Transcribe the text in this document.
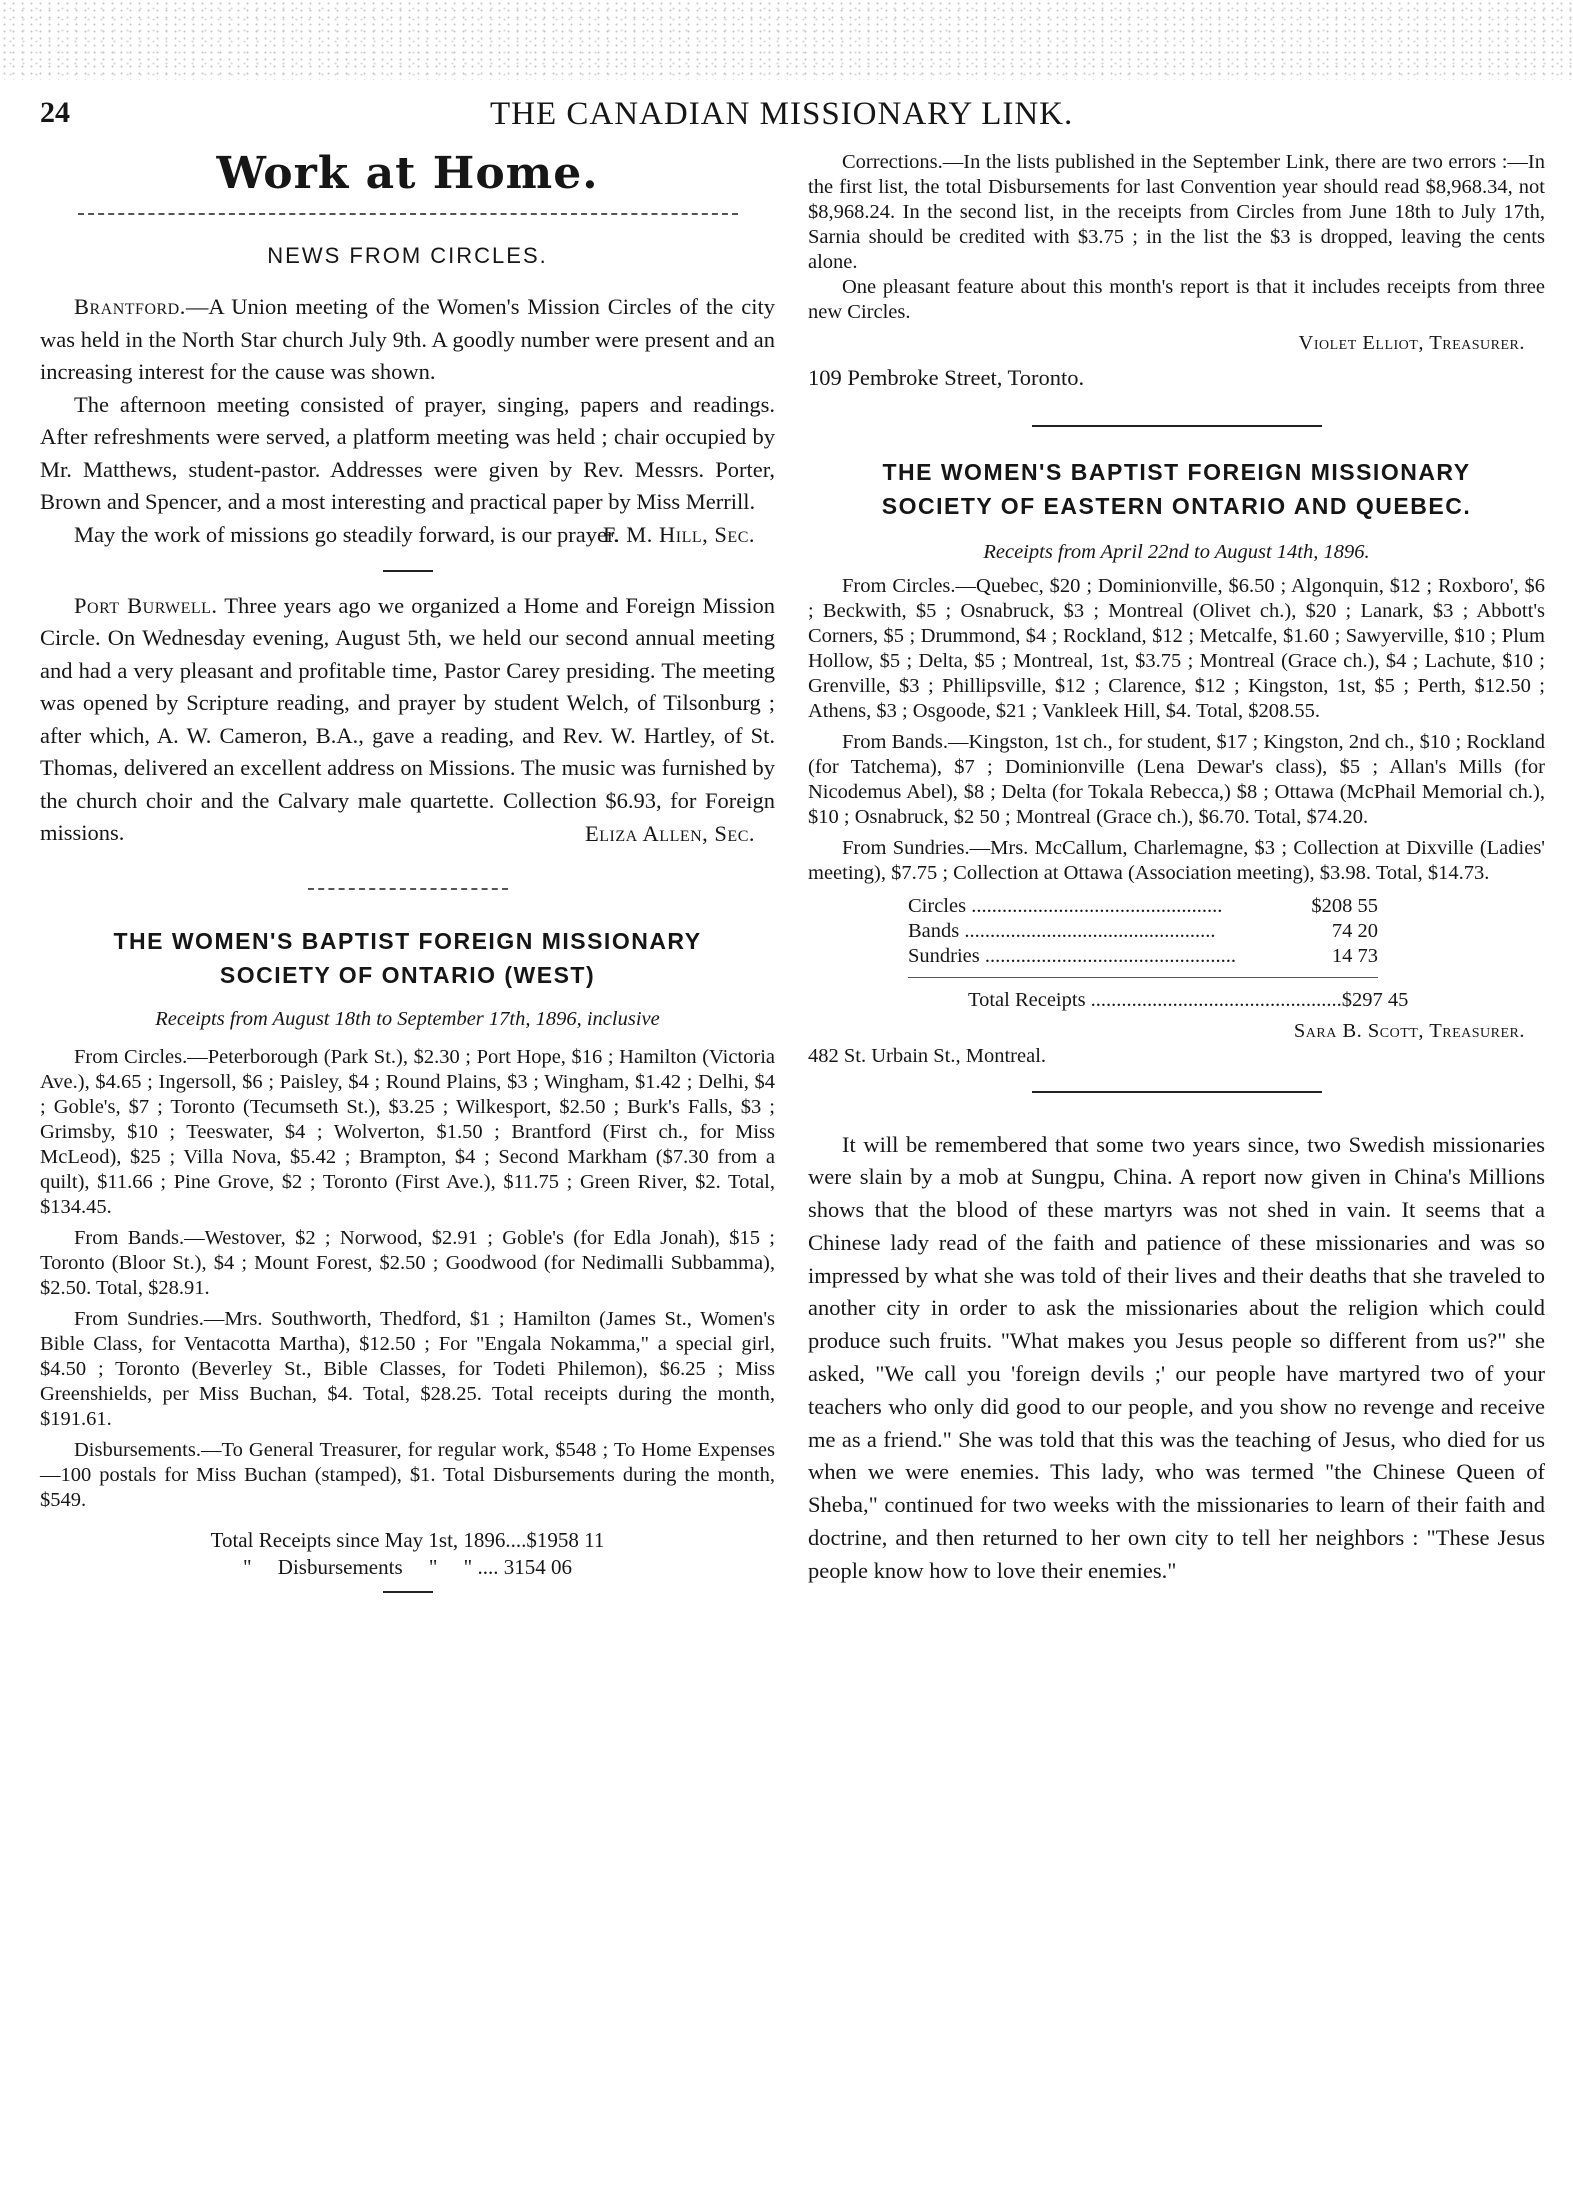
24	THE CANADIAN MISSIONARY LINK.
Work at Home.

NEWS FROM CIRCLES.

Brantford.—A Union meeting of the Women's Mission Circles of the city was held in the North Star church July 9th. A goodly number were present and an increasing interest for the cause was shown.

The afternoon meeting consisted of prayer, singing, papers and readings. After refreshments were served, a platform meeting was held ; chair occupied by Mr. Matthews, student-pastor. Addresses were given by Rev. Messrs. Porter, Brown and Spencer, and a most interesting and practical paper by Miss Merrill.

May the work of missions go steadily forward, is our prayer.

F. M. Hill, Sec.

Port Burwell. Three years ago we organized a Home and Foreign Mission Circle. On Wednesday evening, August 5th, we held our second annual meeting and had a very pleasant and profitable time, Pastor Carey presiding. The meeting was opened by Scripture reading, and prayer by student Welch, of Tilsonburg ; after which, A. W. Cameron, B.A., gave a reading, and Rev. W. Hartley, of St. Thomas, delivered an excellent address on Missions. The music was furnished by the church choir and the Calvary male quartette. Collection $6.93, for Foreign missions.	Eliza Allen, Sec.

THE WOMEN'S BAPTIST FOREIGN MISSIONARY

SOCIETY OF ONTARIO (WEST)

Receipts from August 18th to September 17th, 1896, inclusive

From Circles.—Peterborough (Park St.), $2.30 ; Port Hope, $16 ; Hamilton (Victoria Ave.), $4.65 ; Ingersoll, $6 ; Paisley, $4 ; Round Plains, $3 ; Wingham, $1.42 ; Delhi, $4 ; Goble's, $7 ; Toronto (Tecumseth St.), $3.25 ; Wilkesport, $2.50 ; Burk's Falls, $3 ; Grimsby, $10 ; Teeswater, $4 ; Wolverton, $1.50 ; Brantford (First ch., for Miss McLeod), $25 ; Villa Nova, $5.42 ; Brampton, $4 ; Second Markham ($7.30 from a quilt), $11.66 ; Pine Grove, $2 ; Toronto (First Ave.), $11.75 ; Green River, $2. Total, $134.45.

From Bands.—Westover, $2 ; Norwood, $2.91 ; Goble's (for Edla Jonah), $15 ; Toronto (Bloor St.), $4 ; Mount Forest, $2.50 ; Goodwood (for Nedimalli Subbamma), $2.50. Total, $28.91.

From Sundries.—Mrs. Southworth, Thedford, $1 ; Hamilton (James St., Women's Bible Class, for Ventacotta Martha), $12.50 ; For "Engala Nokamma," a special girl, $4.50 ; Toronto (Beverley St., Bible Classes, for Todeti Philemon), $6.25 ; Miss Greenshields, per Miss Buchan, $4. Total, $28.25. Total receipts during the month, $191.61.

Disbursements.—To General Treasurer, for regular work, $548 ; To Home Expenses—100 postals for Miss Buchan (stamped), $1. Total Disbursements during the month, $549.

Total Receipts since May 1st, 1896....$1958 11

"     Disbursements     "     " .... 3154 06

Corrections.—In the lists published in the September Link, there are two errors :—In the first list, the total Disbursements for last Convention year should read $8,968.34, not $8,968.24. In the second list, in the receipts from Circles from June 18th to July 17th, Sarnia should be credited with $3.75 ; in the list the $3 is dropped, leaving the cents alone.

One pleasant feature about this month's report is that it includes receipts from three new Circles.

Violet Elliot, Treasurer.

109 Pembroke Street, Toronto.

THE WOMEN'S BAPTIST FOREIGN MISSIONARY

SOCIETY OF EASTERN ONTARIO AND QUEBEC.

Receipts from April 22nd to August 14th, 1896.

From Circles.—Quebec, $20 ; Dominionville, $6.50 ; Algonquin, $12 ; Roxboro', $6 ; Beckwith, $5 ; Osnabruck, $3 ; Montreal (Olivet ch.), $20 ; Lanark, $3 ; Abbott's Corners, $5 ; Drummond, $4 ; Rockland, $12 ; Metcalfe, $1.60 ; Sawyerville, $10 ; Plum Hollow, $5 ; Delta, $5 ; Montreal, 1st, $3.75 ; Montreal (Grace ch.), $4 ; Lachute, $10 ; Grenville, $3 ; Phillipsville, $12 ; Clarence, $12 ; Kingston, 1st, $5 ; Perth, $12.50 ; Athens, $3 ; Osgoode, $21 ; Vankleek Hill, $4. Total, $208.55.

From Bands.—Kingston, 1st ch., for student, $17 ; Kingston, 2nd ch., $10 ; Rockland (for Tatchema), $7 ; Dominionville (Lena Dewar's class), $5 ; Allan's Mills (for Nicodemus Abel), $8 ; Delta (for Tokala Rebecca,) $8 ; Ottawa (McPhail Memorial ch.), $10 ; Osnabruck, $2 50 ; Montreal (Grace ch.), $6.70. Total, $74.20.

From Sundries.—Mrs. McCallum, Charlemagne, $3 ; Collection at Dixville (Ladies' meeting), $7.75 ; Collection at Ottawa (Association meeting), $3.98. Total, $14.73.

Circles .................................................	$208 55
Bands .................................................	74 20
Sundries .................................................	14 73
Total Receipts ................................................. $297 45

Sara B. Scott, Treasurer.

482 St. Urbain St., Montreal.

It will be remembered that some two years since, two Swedish missionaries were slain by a mob at Sungpu, China. A report now given in China's Millions shows that the blood of these martyrs was not shed in vain. It seems that a Chinese lady read of the faith and patience of these missionaries and was so impressed by what she was told of their lives and their deaths that she traveled to another city in order to ask the missionaries about the religion which could produce such fruits. "What makes you Jesus people so different from us?" she asked, "We call you 'foreign devils ;' our people have martyred two of your teachers who only did good to our people, and you show no revenge and receive me as a friend." She was told that this was the teaching of Jesus, who died for us when we were enemies. This lady, who was termed "the Chinese Queen of Sheba," continued for two weeks with the missionaries to learn of their faith and doctrine, and then returned to her own city to tell her neighbors : "These Jesus people know how to love their enemies."
